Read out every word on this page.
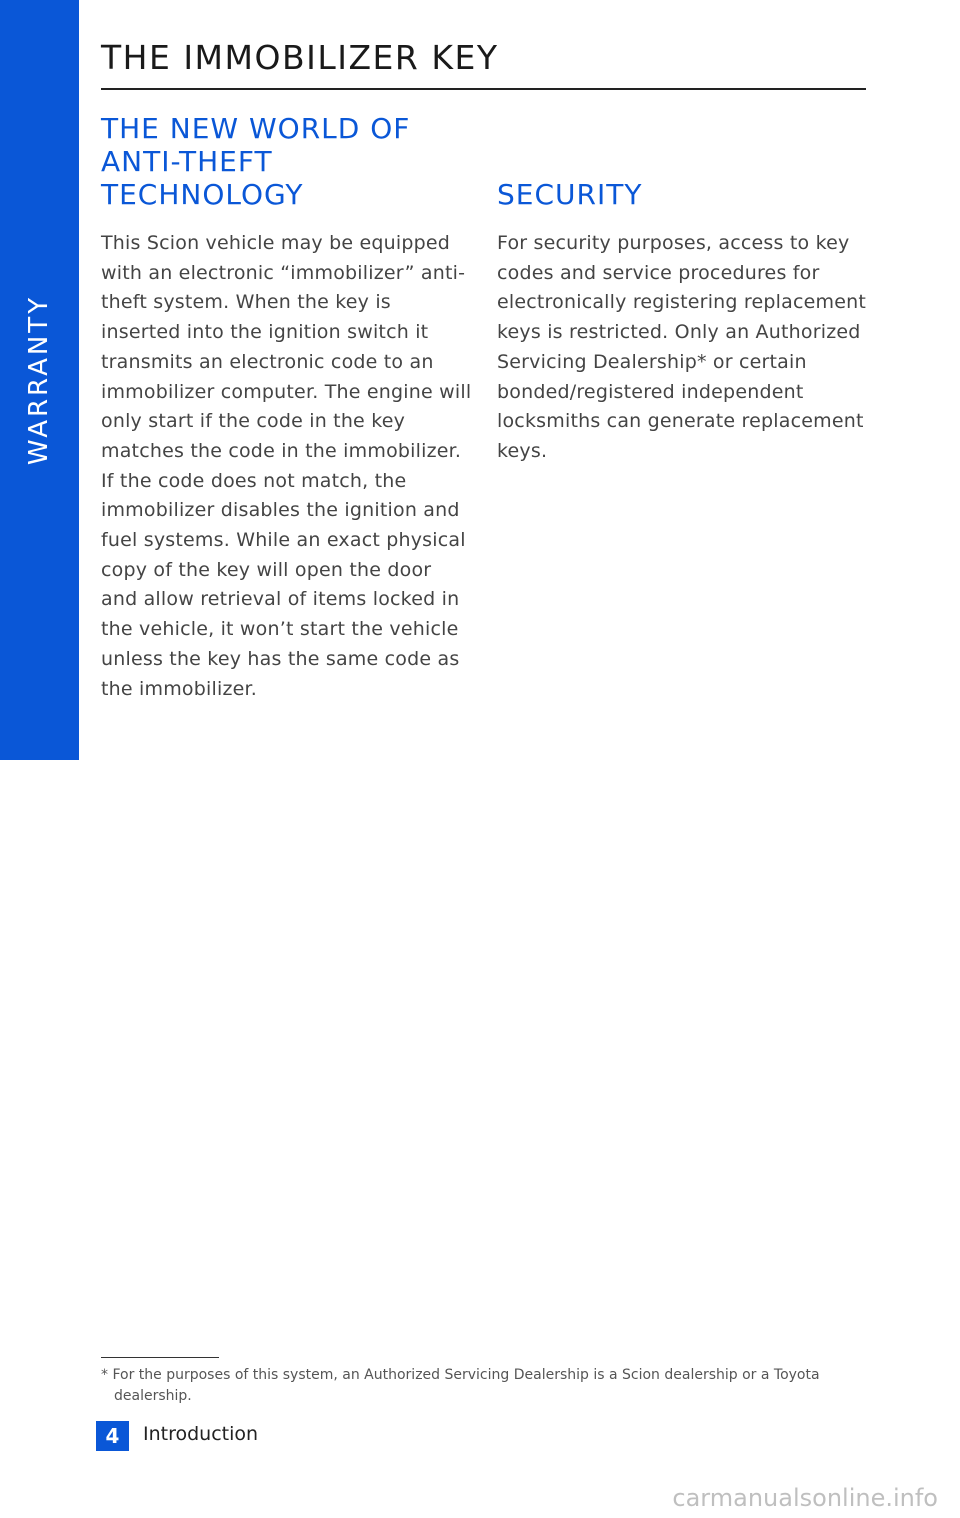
WARRANTY
THE IMMOBILIZER KEY
THE NEW WORLD OF ANTI-THEFT TECHNOLOGY

This Scion vehicle may be equipped with an electronic “immobilizer” anti-theft system. When the key is inserted into the ignition switch it transmits an electronic code to an immobilizer computer. The engine will only start if the code in the key matches the code in the immobilizer. If the code does not match, the immobilizer disables the ignition and fuel systems. While an exact physical copy of the key will open the door and allow retrieval of items locked in the vehicle, it won’t start the vehicle unless the key has the same code as the immobilizer.

SECURITY

For security purposes, access to key codes and service procedures for electronically registering replacement keys is restricted. Only an Authorized Servicing Dealership* or certain bonded/registered independent locksmiths can generate replacement keys.

* For the purposes of this system, an Authorized Servicing Dealership is a Scion dealership or a Toyota dealership.

4	Introduction
carmanualsonline.info
